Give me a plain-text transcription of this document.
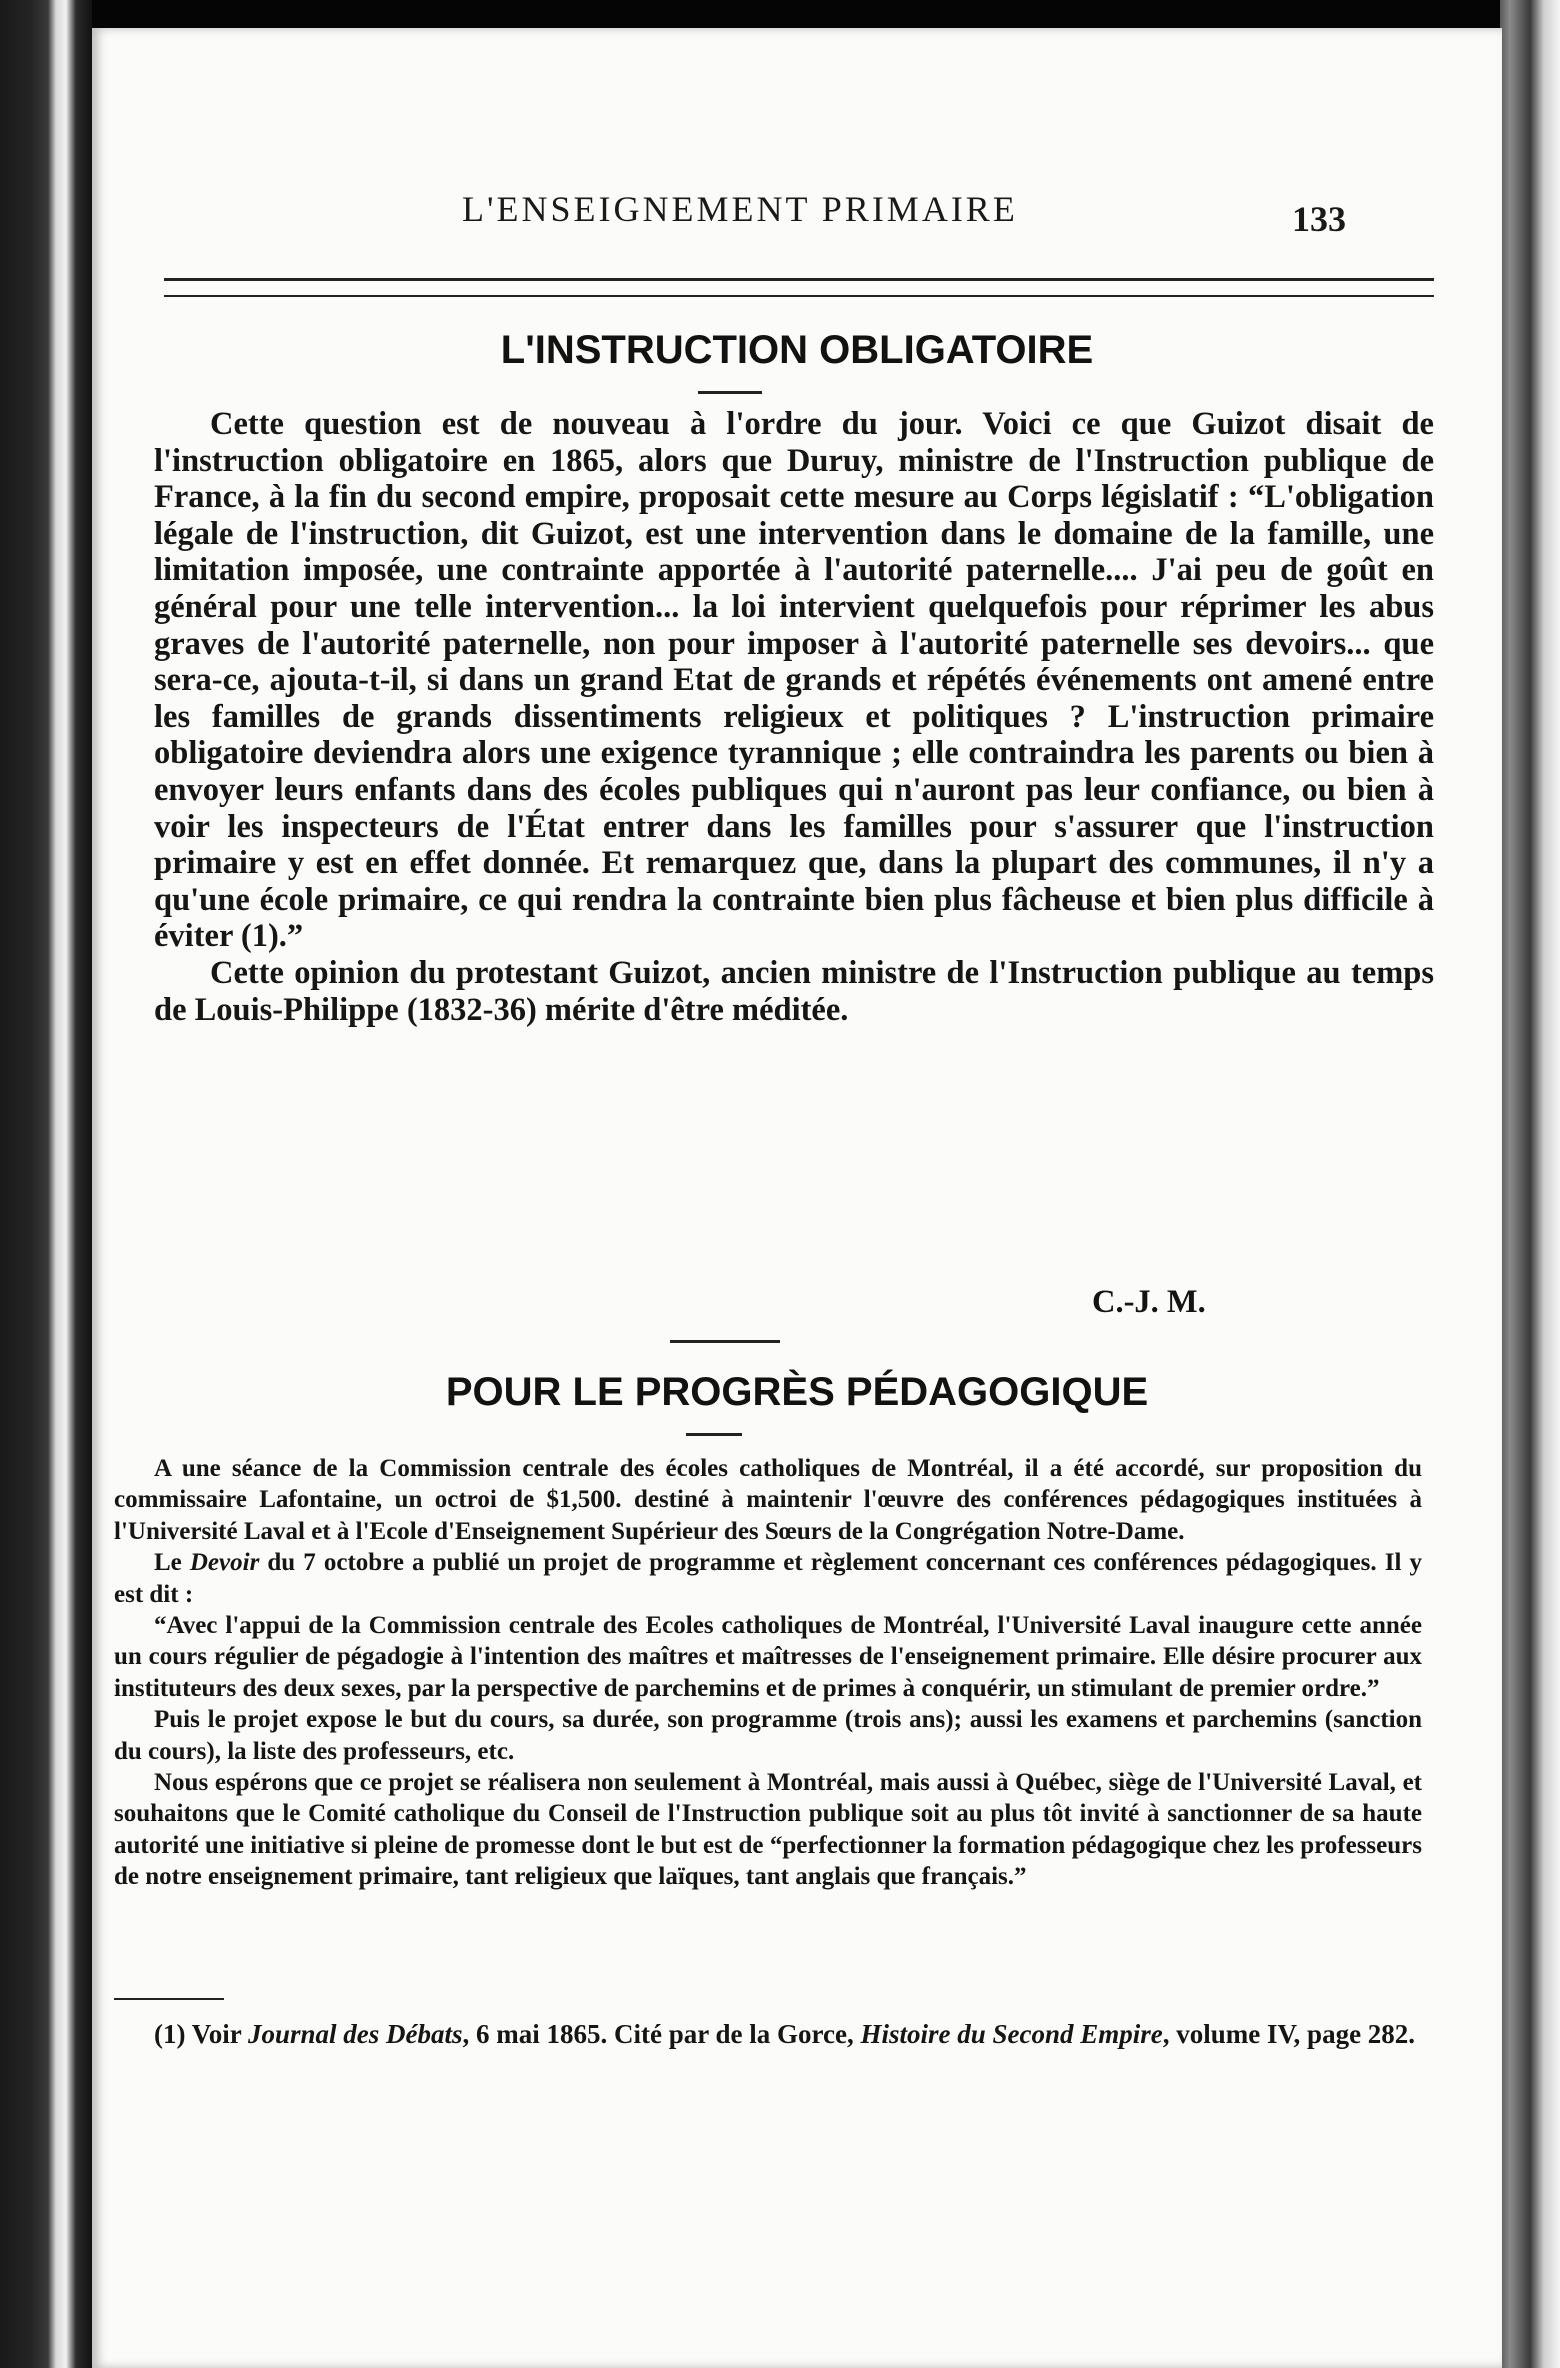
L'ENSEIGNEMENT PRIMAIRE	133
L'INSTRUCTION OBLIGATOIRE

Cette question est de nouveau à l'ordre du jour. Voici ce que Guizot disait de l'instruction obligatoire en 1865, alors que Duruy, ministre de l'Instruction publique de France, à la fin du second empire, proposait cette mesure au Corps législatif : “L'obligation légale de l'instruction, dit Guizot, est une intervention dans le domaine de la famille, une limitation imposée, une contrainte apportée à l'autorité paternelle.... J'ai peu de goût en général pour une telle intervention... la loi intervient quelquefois pour réprimer les abus graves de l'autorité paternelle, non pour imposer à l'autorité paternelle ses devoirs... que sera-ce, ajouta-t-il, si dans un grand Etat de grands et répétés événements ont amené entre les familles de grands dissentiments religieux et politiques ? L'instruction primaire obligatoire deviendra alors une exigence tyrannique ; elle contraindra les parents ou bien à envoyer leurs enfants dans des écoles publiques qui n'auront pas leur confiance, ou bien à voir les inspecteurs de l'État entrer dans les familles pour s'assurer que l'instruction primaire y est en effet donnée. Et remarquez que, dans la plupart des communes, il n'y a qu'une école primaire, ce qui rendra la contrainte bien plus fâcheuse et bien plus difficile à éviter (1).”

Cette opinion du protestant Guizot, ancien ministre de l'Instruction publique au temps de Louis-Philippe (1832-36) mérite d'être méditée.

C.-J. M.
POUR LE PROGRÈS PÉDAGOGIQUE

A une séance de la Commission centrale des écoles catholiques de Montréal, il a été accordé, sur proposition du commissaire Lafontaine, un octroi de $1,500. destiné à maintenir l'œuvre des conférences pédagogiques instituées à l'Université Laval et à l'Ecole d'Enseignement Supérieur des Sœurs de la Congrégation Notre-Dame.

Le Devoir du 7 octobre a publié un projet de programme et règlement concernant ces conférences pédagogiques. Il y est dit :

“Avec l'appui de la Commission centrale des Ecoles catholiques de Montréal, l'Université Laval inaugure cette année un cours régulier de pégadogie à l'intention des maîtres et maîtresses de l'enseignement primaire. Elle désire procurer aux instituteurs des deux sexes, par la perspective de parchemins et de primes à conquérir, un stimulant de premier ordre.”

Puis le projet expose le but du cours, sa durée, son programme (trois ans); aussi les examens et parchemins (sanction du cours), la liste des professeurs, etc.

Nous espérons que ce projet se réalisera non seulement à Montréal, mais aussi à Québec, siège de l'Université Laval, et souhaitons que le Comité catholique du Conseil de l'Instruction publique soit au plus tôt invité à sanctionner de sa haute autorité une initiative si pleine de promesse dont le but est de “perfectionner la formation pédagogique chez les professeurs de notre enseignement primaire, tant religieux que laïques, tant anglais que français.”

(1) Voir Journal des Débats, 6 mai 1865. Cité par de la Gorce, Histoire du Second Empire, volume IV, page 282.
